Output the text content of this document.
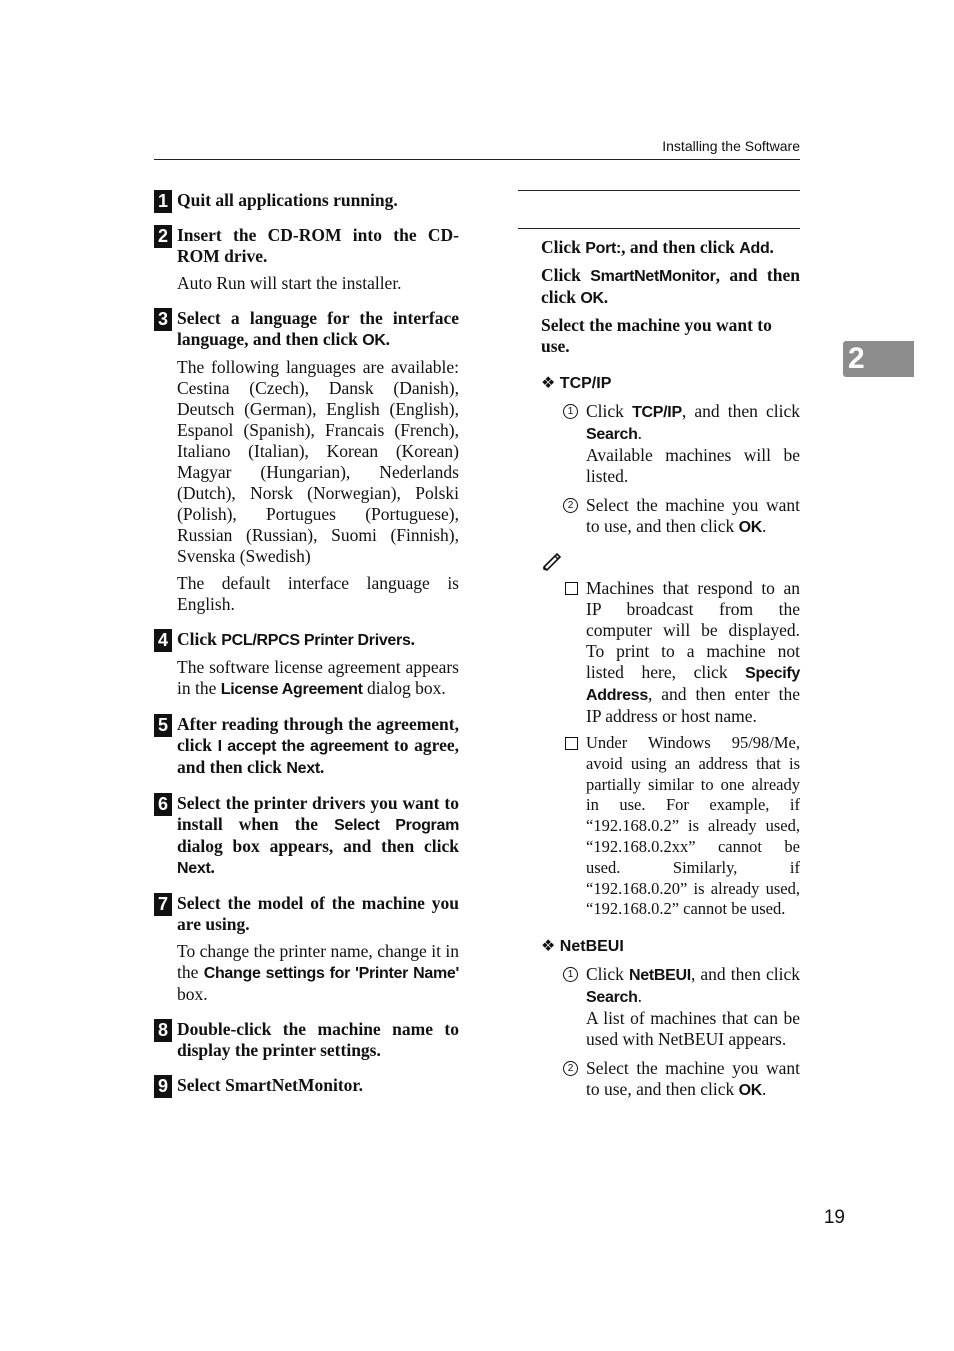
Installing the Software
1 Quit all applications running.
2 Insert the CD-ROM into the CD-ROM drive.

Auto Run will start the installer.

3 Select a language for the interface language, and then click OK.

The following languages are available: Cestina (Czech), Dansk (Danish), Deutsch (German), English (English), Espanol (Spanish), Francais (French), Italiano (Italian), Korean (Korean) Magyar (Hungarian), Nederlands (Dutch), Norsk (Norwegian), Polski (Polish), Portugues (Portuguese), Russian (Russian), Suomi (Finnish), Svenska (Swedish)

The default interface language is English.

4 Click PCL/RPCS Printer Drivers.

The software license agreement appears in the License Agreement dialog box.

5 After reading through the agreement, click I accept the agreement to agree, and then click Next.
6 Select the printer drivers you want to install when the Select Program dialog box appears, and then click Next.
7 Select the model of the machine you are using.

To change the printer name, change it in the Change settings for 'Printer Name' box.

8 Double-click the machine name to display the printer settings.
9 Select SmartNetMonitor.
Click Port:, and then click Add.
Click SmartNetMonitor, and then click OK.
Select the machine you want to use.
❖ TCP/IP
1 Click TCP/IP, and then click Search.
Available machines will be listed.
2 Select the machine you want to use, and then click OK.
Machines that respond to an IP broadcast from the computer will be displayed. To print to a machine not listed here, click Specify Address, and then enter the IP address or host name.
Under Windows 95/98/Me, avoid using an address that is partially similar to one already in use. For example, if “192.168.0.2” is already used, “192.168.0.2xx” cannot be used. Similarly, if “192.168.0.20” is already used, “192.168.0.2” cannot be used.
❖ NetBEUI
1 Click NetBEUI, and then click Search.
A list of machines that can be used with NetBEUI appears.
2 Select the machine you want to use, and then click OK.
2
19
